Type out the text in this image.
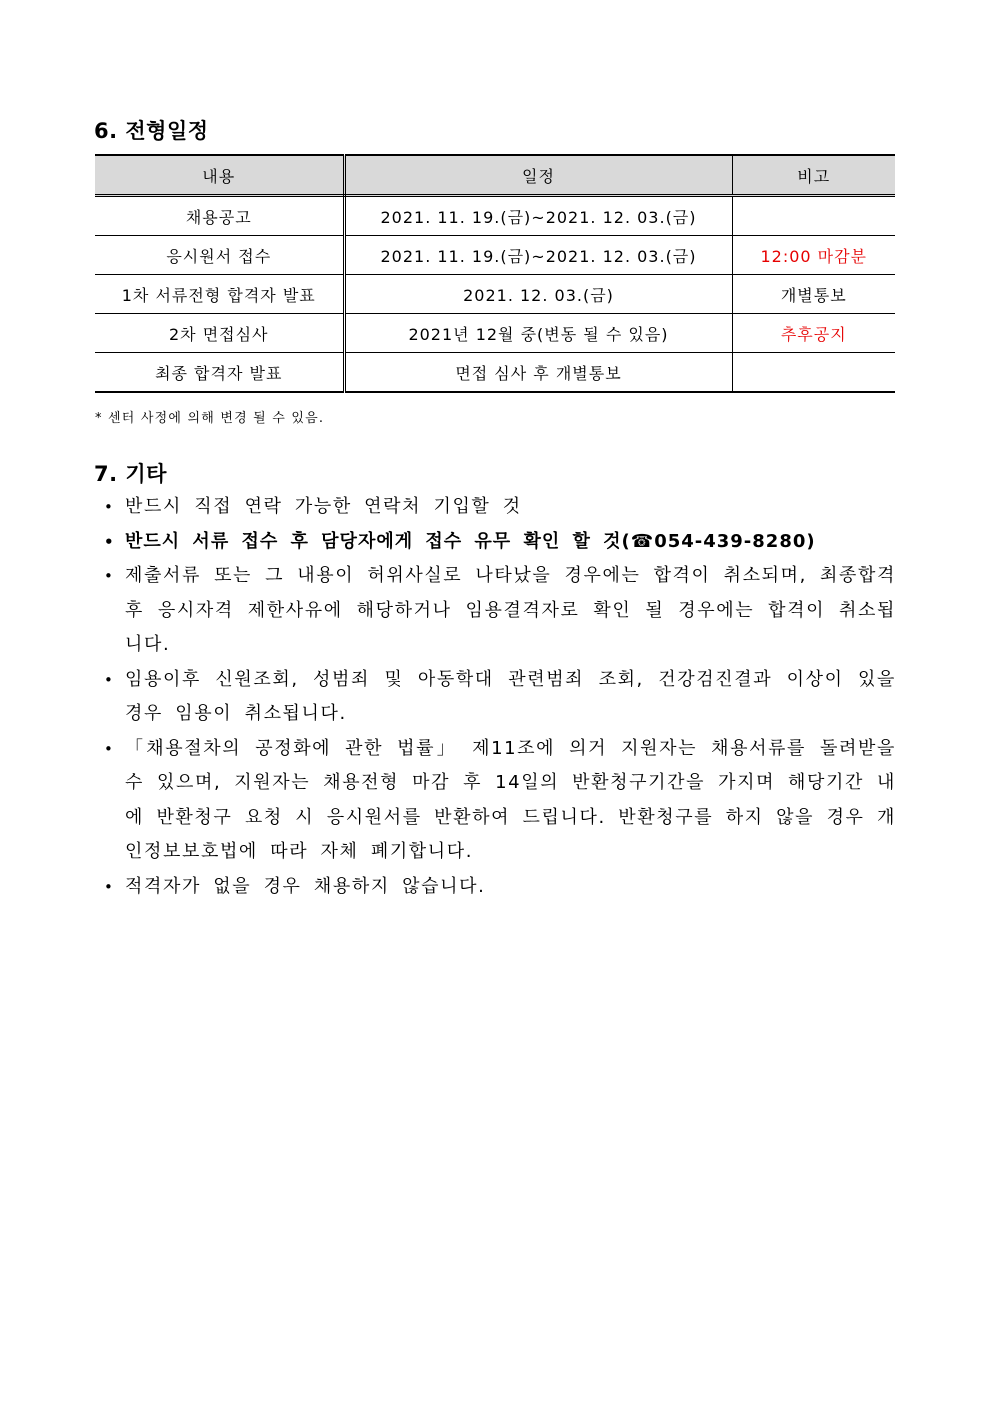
6. 전형일정
내용	일정	비고
채용공고	2021. 11. 19.(금)~2021. 12. 03.(금)	
응시원서 접수	2021. 11. 19.(금)~2021. 12. 03.(금)	12:00 마감분
1차 서류전형 합격자 발표	2021. 12. 03.(금)	개별통보
2차 면접심사	2021년 12월 중(변동 될 수 있음)	추후공지
최종 합격자 발표	면접 심사 후 개별통보	

* 센터 사정에 의해 변경 될 수 있음.

7. 기타
• 반드시 직접 연락 가능한 연락처 기입할 것
• 반드시 서류 접수 후 담당자에게 접수 유무 확인 할 것(☎054-439-8280)
• 제출서류 또는 그 내용이 허위사실로 나타났을 경우에는 합격이 취소되며, 최종합격 후 응시자격 제한사유에 해당하거나 임용결격자로 확인 될 경우에는 합격이 취소됩니다.
• 임용이후 신원조회, 성범죄 및 아동학대 관련범죄 조회, 건강검진결과 이상이 있을 경우 임용이 취소됩니다.
• 「채용절차의 공정화에 관한 법률」 제11조에 의거 지원자는 채용서류를 돌려받을 수 있으며, 지원자는 채용전형 마감 후 14일의 반환청구기간을 가지며 해당기간 내에 반환청구 요청 시 응시원서를 반환하여 드립니다. 반환청구를 하지 않을 경우 개인정보보호법에 따라 자체 폐기합니다.
• 적격자가 없을 경우 채용하지 않습니다.
